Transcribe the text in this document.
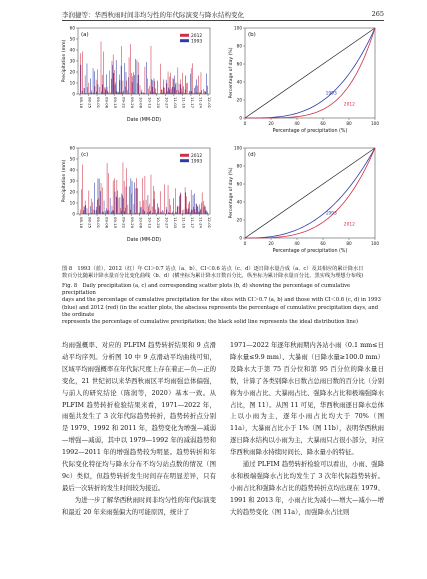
李润捷等：华西秋雨时间非均匀性的年代际演变与降水结构变化	265
(a)
0
10
20
30
40
50
60
08-18 08-25 09-01 09-08 09-15 09-22 09-29 10-06 10-13 10-20 10-27 11-03 11-10 11-17 11-24 12-01
Precipitation (mm)
Date (MM-DD)
2012
1993
(b)
0
20
40
60
80
100
0	20	40	60	80	100
Percentage of day (%)
Percentage of precipitation (%)
1993
2012
(c)
0
10
20
30
40
50
60
08-18 08-25 09-01 09-08 09-15 09-22 09-29 10-06 10-13 10-20 10-27 11-03 11-10 11-17 11-24 12-01
Precipitation (mm)
Date (MM-DD)
2012
1993
(d)
0
20
40
60
80
100
0	20	40	60	80	100
Percentage of day (%)
Percentage of precipitation (%)
1993
2012
图 8　1993（蓝）、2012（红）年 CI＞0.7 站点（a、b）、CI＜0.6 站点（c、d）逐日降水量合成（a、c）及其相应的累计降水日
数百分比随累计降水量百分比变化曲线（b、d）(横坐标为累计降水日数百分比，纵坐标为累计降水量百分比，黑实线为理想分布线)
Fig. 8　Daily precipitation (a, c) and corresponding scatter plots (b, d) showing the percentage of cumulative precipitation
days and the percentage of cumulative precipitation for the sites with CI＞0.7 (a, b) and those with CI＜0.6 (c, d) in 1993
(blue) and 2012 (red) (in the scatter plots, the abscissa represents the percentage of cumulative precipitation days, and the ordinate
represents the percentage of cumulative precipitation; the black solid line represents the ideal distribution line)

均雨强概率、对应的 PLFIM 趋势转折结果和 9 点滑动平均序列。分析图 10 中 9 点滑动平均曲线可知，区域平均雨强概率在年代际尺度上存在着正—负—正的变化，21 世纪初以来华西秋雨区平均雨强总体偏强，与前人的研究结论（陈润等，2020）基本一致。从 PLFIM 趋势转折检验结果来看，1971—2022 年，雨强共发生了 3 次年代际趋势转折，趋势转折点分别是 1979、1992 和 2011 年，趋势变化为增强—减弱—增强—减弱，其中以 1979—1992 年的减弱趋势和 1992—2011 年的增强趋势较为明显。趋势转折和年代际变化特征均与降水分布不均匀站点数的情况（图 9c）类似，但趋势转折发生时间存在明显差异，只有最后一次转折的发生时间较为接近。

为进一步了解华西秋雨时间非均匀性的年代际演变和最近 20 年来雨强偏大的可能原因，统计了

1971—2022 年逐年秋雨期内各站小雨（0.1 mm≤日降水量≤9.9 mm）、大暴雨（日降水量≥100.0 mm）及降水大于第 75 百分位和第 95 百分位的降水量日数，计算了各类别降水日数占总雨日数的百分比（分别称为小雨占比、大暴雨占比、强降水占比和极端强降水占比，图 11）。从图 11 可见，华西秋雨逐日降水总体上以小雨为主，逐年小雨占比均大于 70%（图 11a），大暴雨占比小于 1%（图 11b），表明华西秋雨逐日降水结构以小雨为主，大暴雨只占很小部分，对应华西秋雨降水持续时间长、降水量小的特征。

通过 PLFIM 趋势转折检验可以看出，小雨、强降水和极端强降水占比均发生了 3 次年代际趋势转折。小雨占比和强降水占比的趋势转折点均出现在 1979、1991 和 2013 年，小雨占比为减小—增大—减小—增大的趋势变化（图 11a），而强降水占比则
